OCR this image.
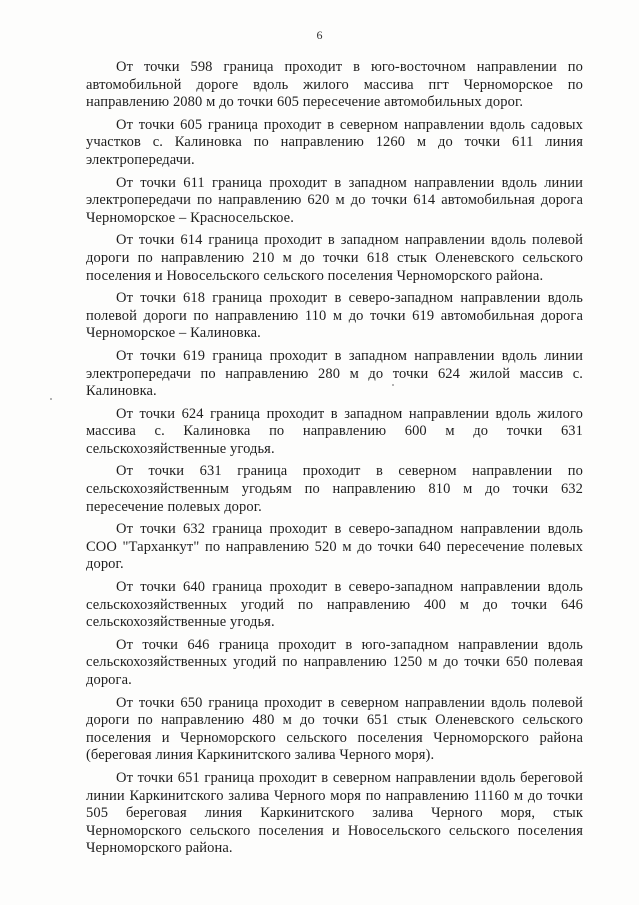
6

От точки 598 граница проходит в юго-восточном направлении по автомобильной дороге вдоль жилого массива пгт Черноморское по направлению 2080 м до точки 605 пересечение автомобильных дорог.

От точки 605 граница проходит в северном направлении вдоль садовых участков с. Калиновка по направлению 1260 м до точки 611 линия электропередачи.

От точки 611 граница проходит в западном направлении вдоль линии электропередачи по направлению 620 м до точки 614 автомобильная дорога Черноморское – Красносельское.

От точки 614 граница проходит в западном направлении вдоль полевой дороги по направлению 210 м до точки 618 стык Оленевского сельского поселения и Новосельского сельского поселения Черноморского района.

От точки 618 граница проходит в северо-западном направлении вдоль полевой дороги по направлению 110 м до точки 619 автомобильная дорога Черноморское – Калиновка.

От точки 619 граница проходит в западном направлении вдоль линии электропередачи по направлению 280 м до точки 624 жилой массив с. Калиновка.

От точки 624 граница проходит в западном направлении вдоль жилого массива с. Калиновка по направлению 600 м до точки 631 сельскохозяйственные угодья.

От точки 631 граница проходит в северном направлении по сельскохозяйственным угодьям по направлению 810 м до точки 632 пересечение полевых дорог.

От точки 632 граница проходит в северо-западном направлении вдоль СОО "Тарханкут" по направлению 520 м до точки 640 пересечение полевых дорог.

От точки 640 граница проходит в северо-западном направлении вдоль сельскохозяйственных угодий по направлению 400 м до точки 646 сельскохозяйственные угодья.

От точки 646 граница проходит в юго-западном направлении вдоль сельскохозяйственных угодий по направлению 1250 м до точки 650 полевая дорога.

От точки 650 граница проходит в северном направлении вдоль полевой дороги по направлению 480 м до точки 651 стык Оленевского сельского поселения и Черноморского сельского поселения Черноморского района (береговая линия Каркинитского залива Черного моря).

От точки 651 граница проходит в северном направлении вдоль береговой линии Каркинитского залива Черного моря по направлению 11160 м до точки 505 береговая линия Каркинитского залива Черного моря, стык Черноморского сельского поселения и Новосельского сельского поселения Черноморского района.
